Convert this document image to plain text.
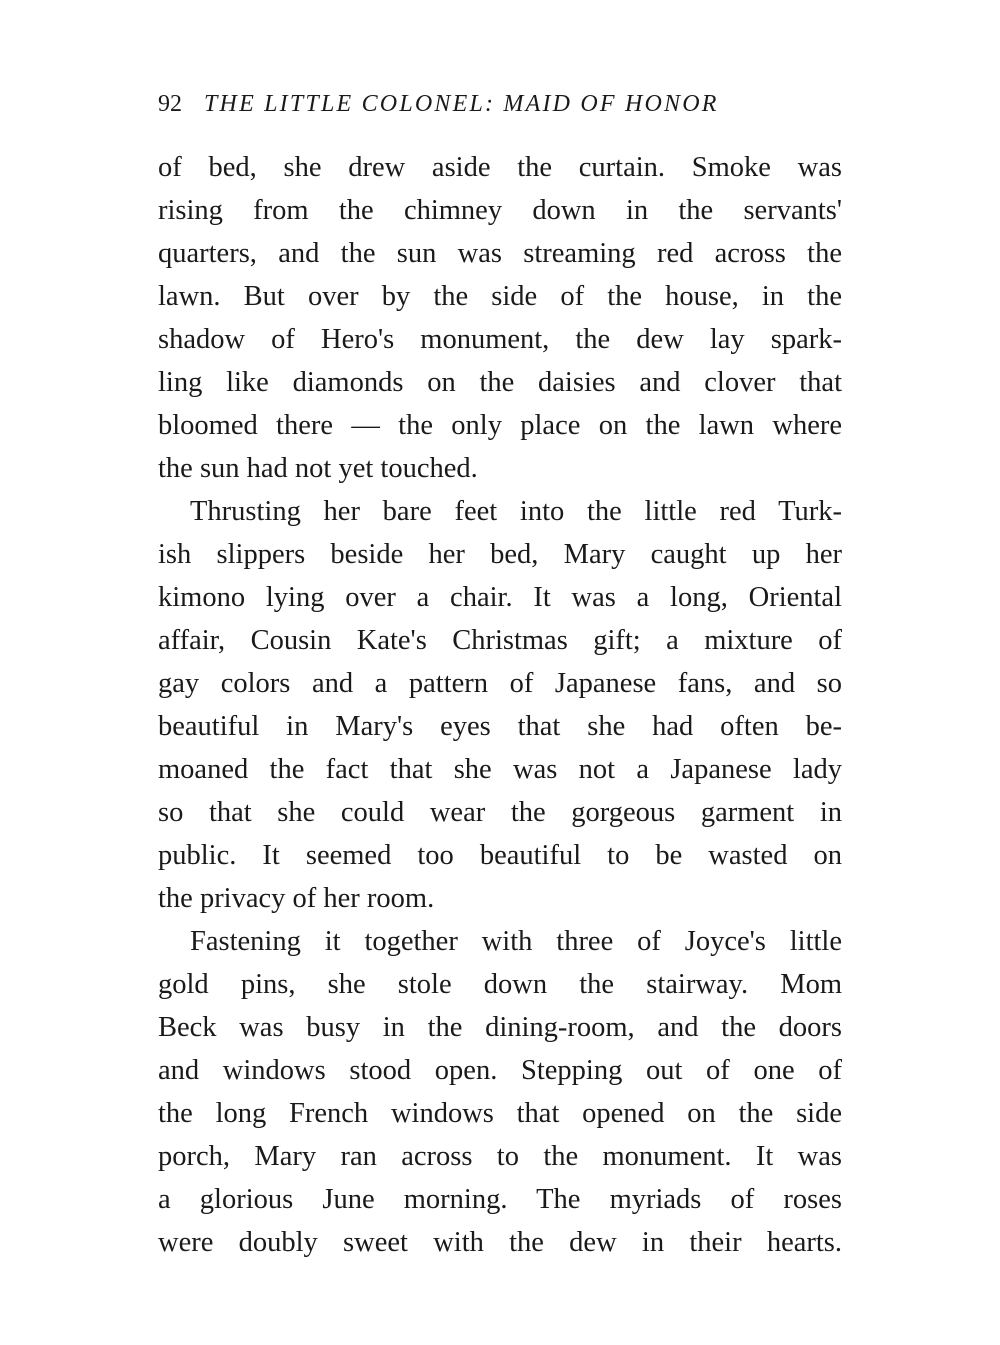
92 THE LITTLE COLONEL: MAID OF HONOR
of bed, she drew aside the curtain. Smoke was
rising from the chimney down in the servants'
quarters, and the sun was streaming red across the
lawn. But over by the side of the house, in the
shadow of Hero's monument, the dew lay spark-
ling like diamonds on the daisies and clover that
bloomed there — the only place on the lawn where
the sun had not yet touched.
Thrusting her bare feet into the little red Turk-
ish slippers beside her bed, Mary caught up her
kimono lying over a chair. It was a long, Oriental
affair, Cousin Kate's Christmas gift; a mixture of
gay colors and a pattern of Japanese fans, and so
beautiful in Mary's eyes that she had often be-
moaned the fact that she was not a Japanese lady
so that she could wear the gorgeous garment in
public. It seemed too beautiful to be wasted on
the privacy of her room.
Fastening it together with three of Joyce's little
gold pins, she stole down the stairway. Mom
Beck was busy in the dining-room, and the doors
and windows stood open. Stepping out of one of
the long French windows that opened on the side
porch, Mary ran across to the monument. It was
a glorious June morning. The myriads of roses
were doubly sweet with the dew in their hearts.
